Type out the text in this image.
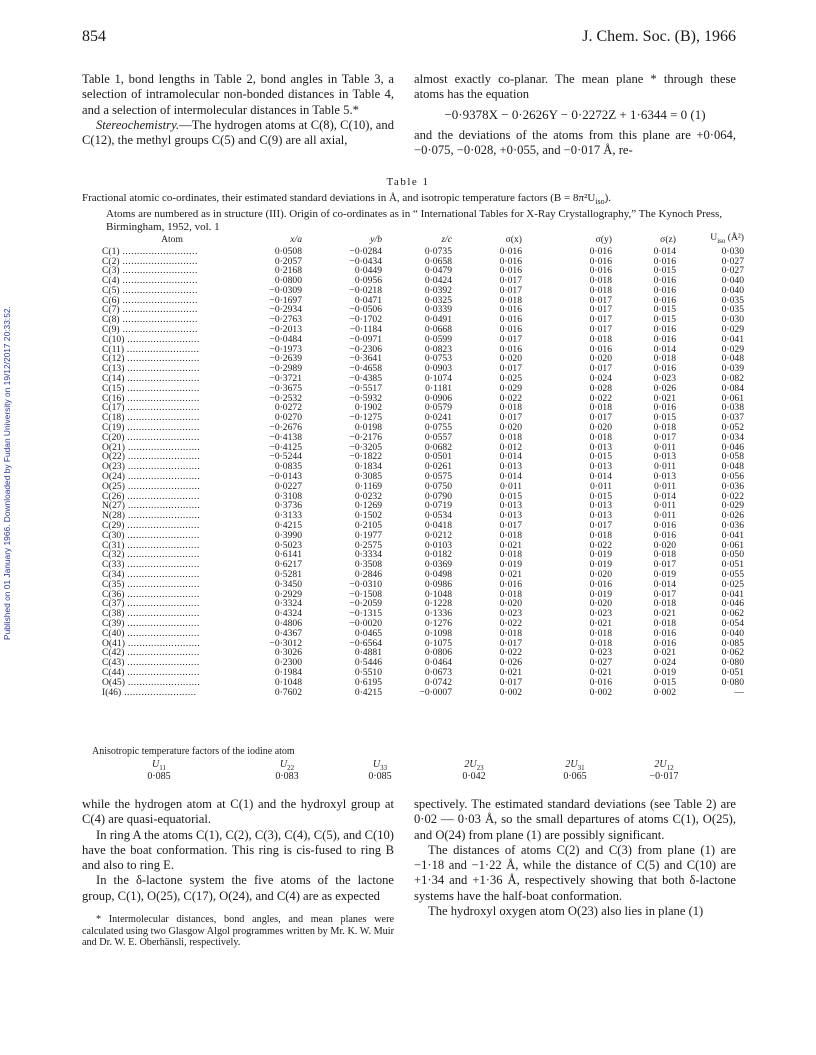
854	J. Chem. Soc. (B), 1966
Published on 01 January 1966. Downloaded by Fudan University on 19/12/2017 20:33:52.

Table 1, bond lengths in Table 2, bond angles in Table 3, a selection of intramolecular non-bonded distances in Table 4, and a selection of intermolecular distances in Table 5.*

Stereochemistry.—The hydrogen atoms at C(8), C(10), and C(12), the methyl groups C(5) and C(9) are all axial,

almost exactly co-planar. The mean plane * through these atoms has the equation

−0·9378X − 0·2626Y − 0·2272Z + 1·6344 = 0 (1)

and the deviations of the atoms from this plane are +0·064, −0·075, −0·028, +0·055, and −0·017 Å, re-

Table 1
Fractional atomic co-ordinates, their estimated standard deviations in Å, and isotropic temperature factors $(B = 8\pi^2U_{iso})$.
Atoms are numbered as in structure (III). Origin of co-ordinates as in “ International Tables for X-Ray Crystallography,” The Kynoch Press, Birmingham, 1952, vol. 1
Atom	x/a	y/b	z/c	σ(x)	σ(y)	σ(z)	$U_{iso}$ (Å²)
C(1) ..........................	0·0508	−0·0284	0·0735	0·016	0·016	0·014	0·030
C(2) ..........................	0·2057	−0·0434	0·0658	0·016	0·016	0·016	0·027
C(3) ..........................	0·2168	0·0449	0·0479	0·016	0·016	0·015	0·027
C(4) ..........................	0·0800	0·0956	0·0424	0·017	0·018	0·016	0·040
C(5) ..........................	−0·0309	−0·0218	0·0392	0·017	0·018	0·016	0·040
C(6) ..........................	−0·1697	0·0471	0·0325	0·018	0·017	0·016	0·035
C(7) ..........................	−0·2934	−0·0506	0·0339	0·016	0·017	0·015	0·035
C(8) ..........................	−0·2763	−0·1702	0·0491	0·016	0·017	0·015	0·030
C(9) ..........................	−0·2013	−0·1184	0·0668	0·016	0·017	0·016	0·029
C(10) .........................	−0·0484	−0·0971	0·0599	0·017	0·018	0·016	0·041
C(11) .........................	−0·1973	−0·2306	0·0823	0·016	0·016	0·014	0·029
C(12) .........................	−0·2639	−0·3641	0·0753	0·020	0·020	0·018	0·048
C(13) .........................	−0·2989	−0·4658	0·0903	0·017	0·017	0·016	0·039
C(14) .........................	−0·3721	−0·4385	0·1074	0·025	0·024	0·023	0·082
C(15) .........................	−0·3675	−0·5517	0·1181	0·029	0·028	0·026	0·084
C(16) .........................	−0·2532	−0·5932	0·0906	0·022	0·022	0·021	0·061
C(17) .........................	0·0272	0·1902	0·0579	0·018	0·018	0·016	0·038
C(18) .........................	0·0270	−0·1275	0·0241	0·017	0·017	0·015	0·037
C(19) .........................	−0·2676	0·0198	0·0755	0·020	0·020	0·018	0·052
C(20) .........................	−0·4138	−0·2176	0·0557	0·018	0·018	0·017	0·034
O(21) .........................	−0·4125	−0·3205	0·0682	0·012	0·013	0·011	0·046
O(22) .........................	−0·5244	−0·1822	0·0501	0·014	0·015	0·013	0·058
O(23) .........................	0·0835	0·1834	0·0261	0·013	0·013	0·011	0·048
O(24) .........................	−0·0143	0·3085	0·0575	0·014	0·014	0·013	0·056
O(25) .........................	0·0227	0·1169	0·0750	0·011	0·011	0·011	0·036
C(26) .........................	0·3108	0·0232	0·0790	0·015	0·015	0·014	0·022
N(27) .........................	0·3736	0·1269	0·0719	0·013	0·013	0·011	0·029
N(28) .........................	0·3133	0·1502	0·0534	0·013	0·013	0·011	0·026
C(29) .........................	0·4215	0·2105	0·0418	0·017	0·017	0·016	0·036
C(30) .........................	0·3990	0·1977	0·0212	0·018	0·018	0·016	0·041
C(31) .........................	0·5023	0·2575	0·0103	0·021	0·022	0·020	0·061
C(32) .........................	0·6141	0·3334	0·0182	0·018	0·019	0·018	0·050
C(33) .........................	0·6217	0·3508	0·0369	0·019	0·019	0·017	0·051
C(34) .........................	0·5281	0·2846	0·0498	0·021	0·020	0·019	0·055
C(35) .........................	0·3450	−0·0310	0·0986	0·016	0·016	0·014	0·025
C(36) .........................	0·2929	−0·1508	0·1048	0·018	0·019	0·017	0·041
C(37) .........................	0·3324	−0·2059	0·1228	0·020	0·020	0·018	0·046
C(38) .........................	0·4324	−0·1315	0·1336	0·023	0·023	0·021	0·062
C(39) .........................	0·4806	−0·0020	0·1276	0·022	0·021	0·018	0·054
C(40) .........................	0·4367	0·0465	0·1098	0·018	0·018	0·016	0·040
O(41) .........................	−0·3012	−0·6564	0·1075	0·017	0·018	0·016	0·085
C(42) .........................	0·3026	0·4881	0·0806	0·022	0·023	0·021	0·062
C(43) .........................	0·2300	0·5446	0·0464	0·026	0·027	0·024	0·080
C(44) .........................	0·1984	0·5510	0·0673	0·021	0·021	0·019	0·051
O(45) .........................	0·1048	0·6195	0·0742	0·017	0·016	0·015	0·080
I(46) .........................	0·7602	0·4215	−0·0007	0·002	0·002	0·002	—
Anisotropic temperature factors of the iodine atom
$U_{11}$	$U_{22}$	$U_{33}$	$2U_{23}$	$2U_{31}$	$2U_{12}$
0·085	0·083	0·085	0·042	0·065	−0·017

while the hydrogen atom at C(1) and the hydroxyl group at C(4) are quasi-equatorial.

In ring A the atoms C(1), C(2), C(3), C(4), C(5), and C(10) have the boat conformation. This ring is cis-fused to ring B and also to ring E.

In the δ-lactone system the five atoms of the lactone group, C(1), O(25), C(17), O(24), and C(4) are as expected

* Intermolecular distances, bond angles, and mean planes were calculated using two Glasgow Algol programmes written by Mr. K. W. Muir and Dr. W. E. Oberhänsli, respectively.

spectively. The estimated standard deviations (see Table 2) are 0·02 — 0·03 Å, so the small departures of atoms C(1), O(25), and O(24) from plane (1) are possibly significant.

The distances of atoms C(2) and C(3) from plane (1) are −1·18 and −1·22 Å, while the distance of C(5) and C(10) are +1·34 and +1·36 Å, respectively showing that both δ-lactone systems have the half-boat conformation.

The hydroxyl oxygen atom O(23) also lies in plane (1)
